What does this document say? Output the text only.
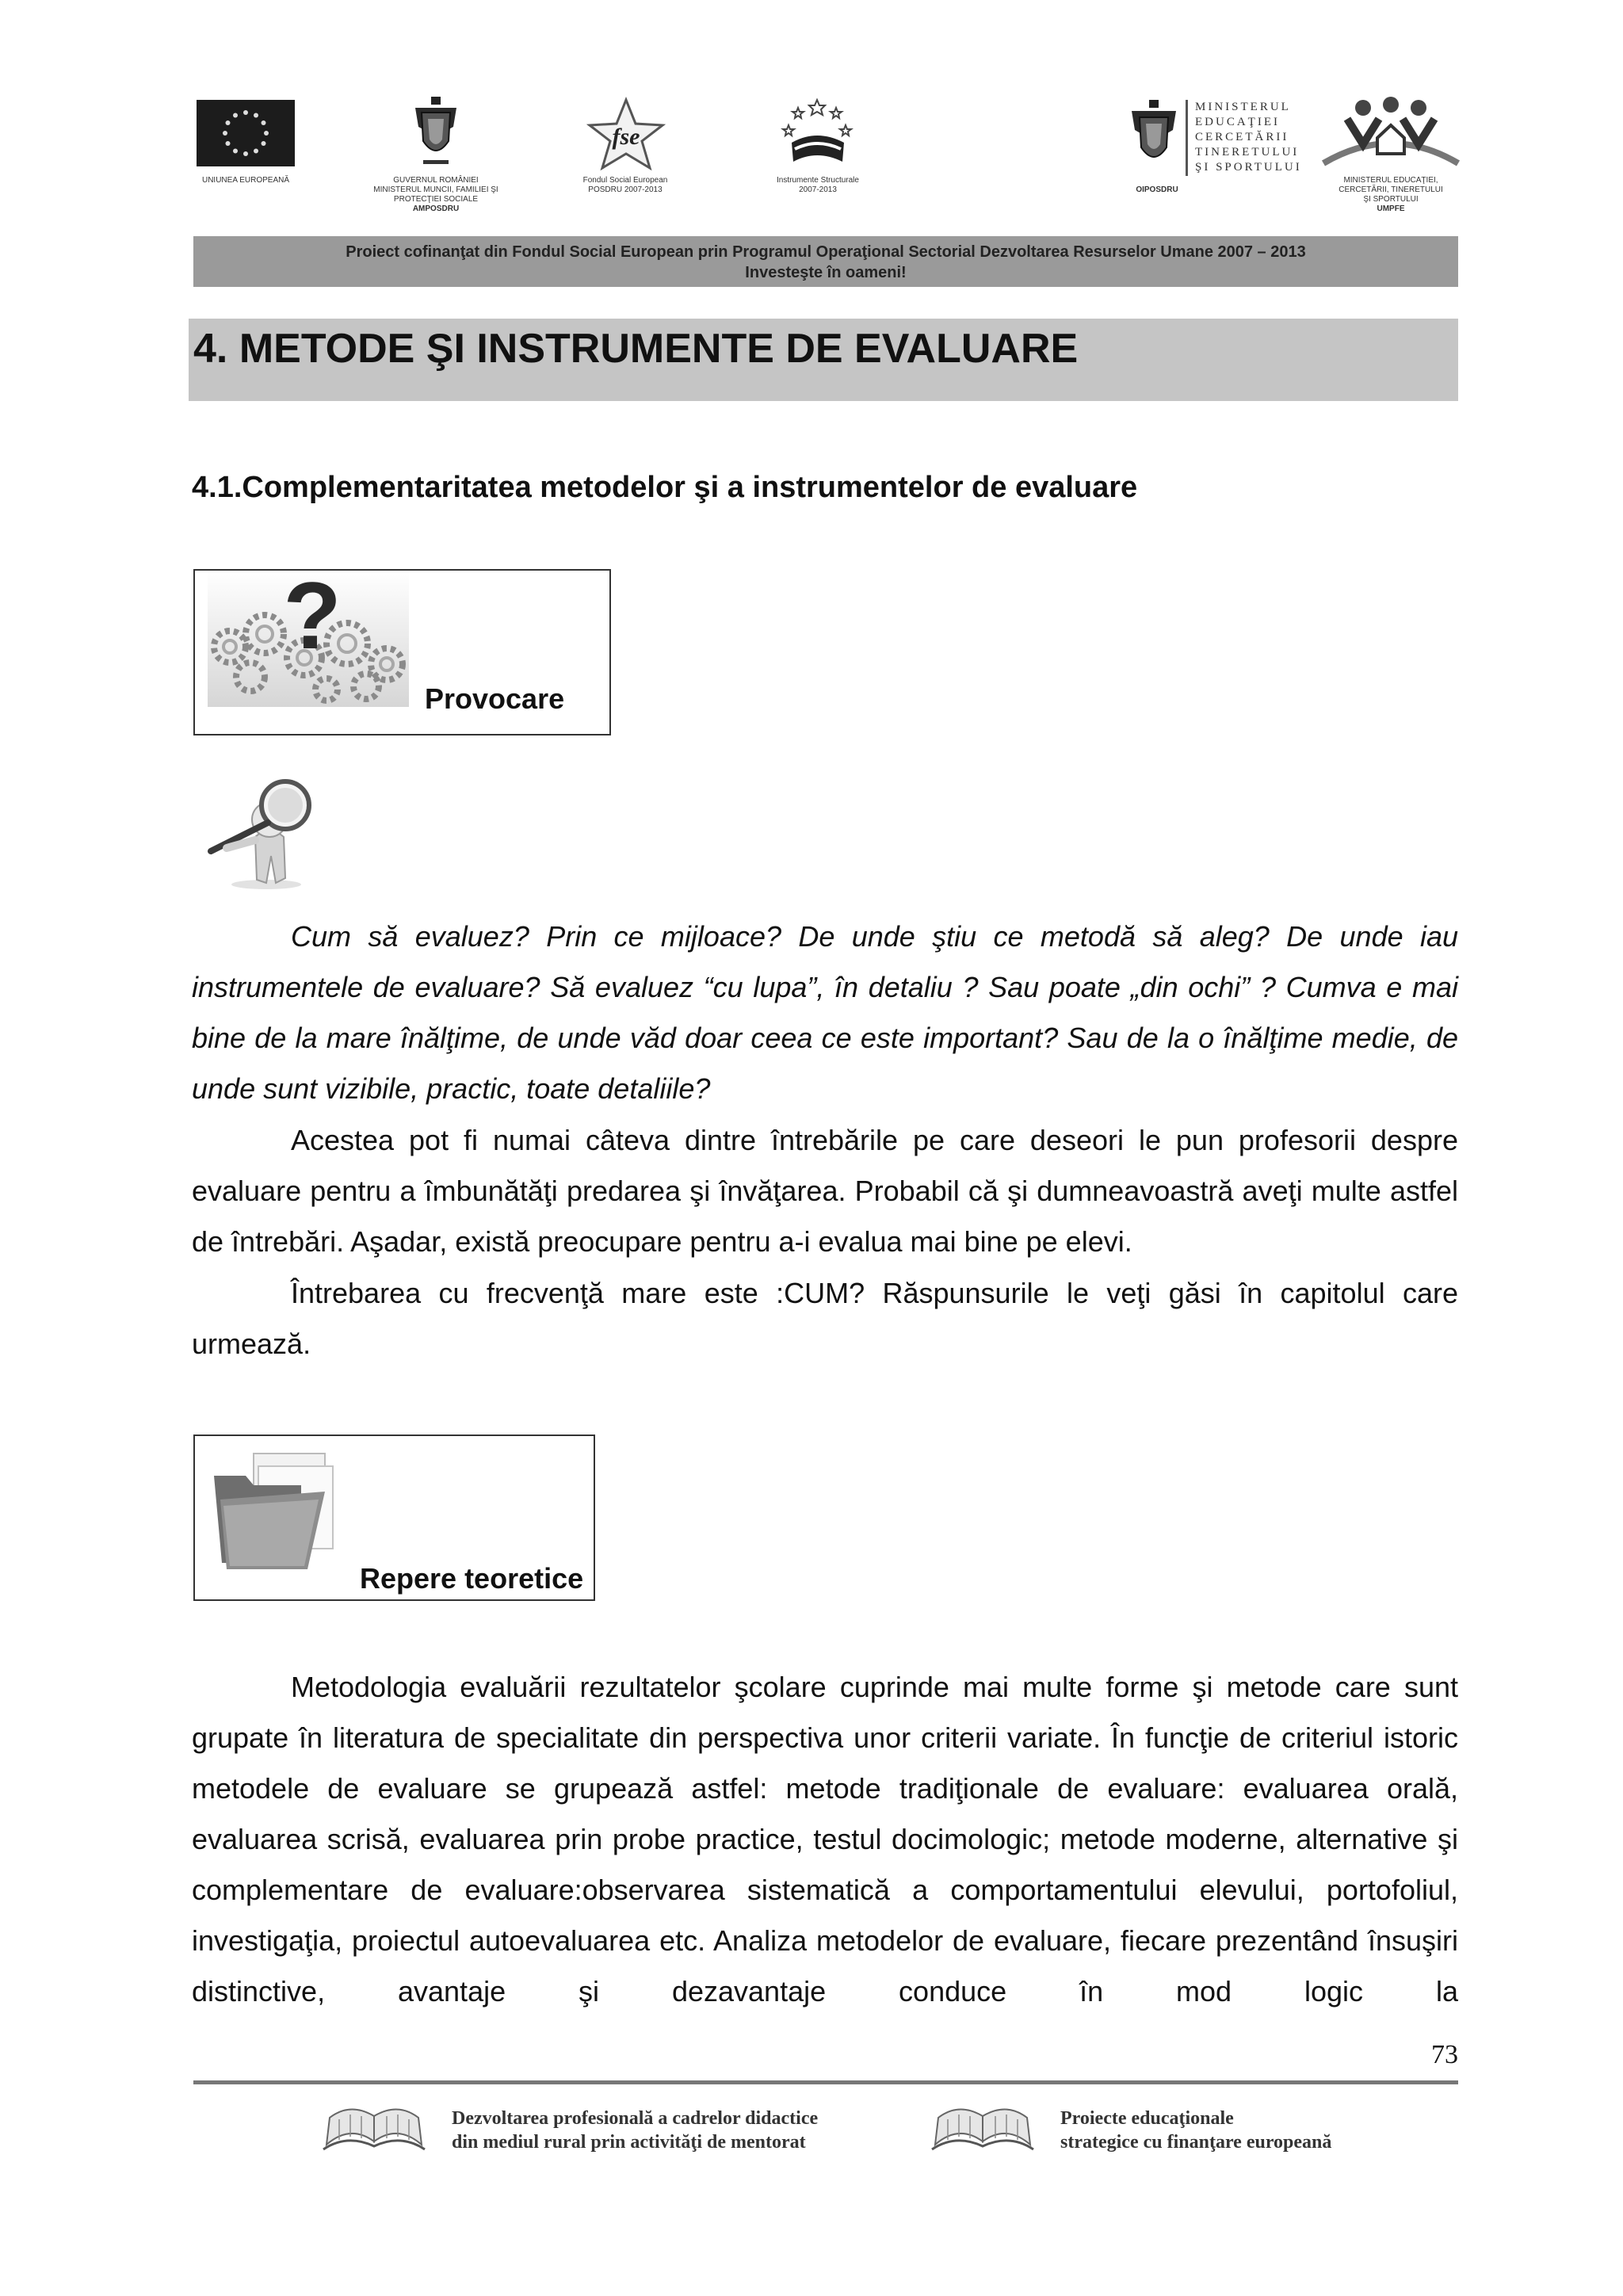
UNIUNEA EUROPEANĂ	GUVERNUL ROMÂNIEI
MINISTERUL MUNCII, FAMILIEI ŞI
PROTECŢIEI SOCIALE
AMPOSDRU
fse
Fondul Social European
POSDRU 2007-2013
Instrumente Structurale
2007-2013
MINISTERUL
EDUCAŢIEI
CERCETĂRII
TINERETULUI
ŞI SPORTULUI
OIPOSDRU
MINISTERUL EDUCAŢIEI,
CERCETĂRII, TINERETULUI
ŞI SPORTULUI
UMPFE
Proiect cofinanţat din Fondul Social European prin Programul Operaţional Sectorial Dezvoltarea Resurselor Umane 2007 – 2013
Investeşte în oameni!
4. METODE ŞI INSTRUMENTE DE EVALUARE
4.1.Complementaritatea metodelor şi a instrumentelor de evaluare
?
Provocare
Cum să evaluez? Prin ce mijloace? De unde ştiu ce metodă să aleg? De unde iau instrumentele de evaluare? Să evaluez “cu lupa”, în detaliu ? Sau poate „din ochi” ? Cumva e mai bine de la mare înălţime, de unde văd doar ceea ce este important? Sau de la o înălţime medie, de unde sunt vizibile, practic, toate detaliile?
Acestea pot fi numai câteva dintre întrebările pe care deseori le pun profesorii despre evaluare pentru a îmbunătăţi predarea şi învăţarea. Probabil că şi dumneavoastră aveţi multe astfel de întrebări. Aşadar, există preocupare pentru a-i evalua mai bine pe elevi.
Întrebarea cu frecvenţă mare este :CUM? Răspunsurile le veţi găsi în capitolul care urmează.
Repere teoretice
Metodologia evaluării rezultatelor şcolare cuprinde mai multe forme şi metode care sunt grupate în literatura de specialitate din perspectiva unor criterii variate. În funcţie de criteriul istoric metodele de evaluare se grupează astfel: metode tradiţionale de evaluare: evaluarea orală, evaluarea scrisă, evaluarea prin probe practice, testul docimologic; metode moderne, alternative şi complementare de evaluare:observarea sistematică a comportamentului elevului, portofoliul, investigaţia, proiectul autoevaluarea etc. Analiza metodelor de evaluare, fiecare prezentând însuşiri distinctive, avantaje şi dezavantaje conduce în mod logic la
73
Dezvoltarea profesională a cadrelor didactice
din mediul rural prin activităţi de mentorat
Proiecte educaţionale
strategice cu finanţare europeană
